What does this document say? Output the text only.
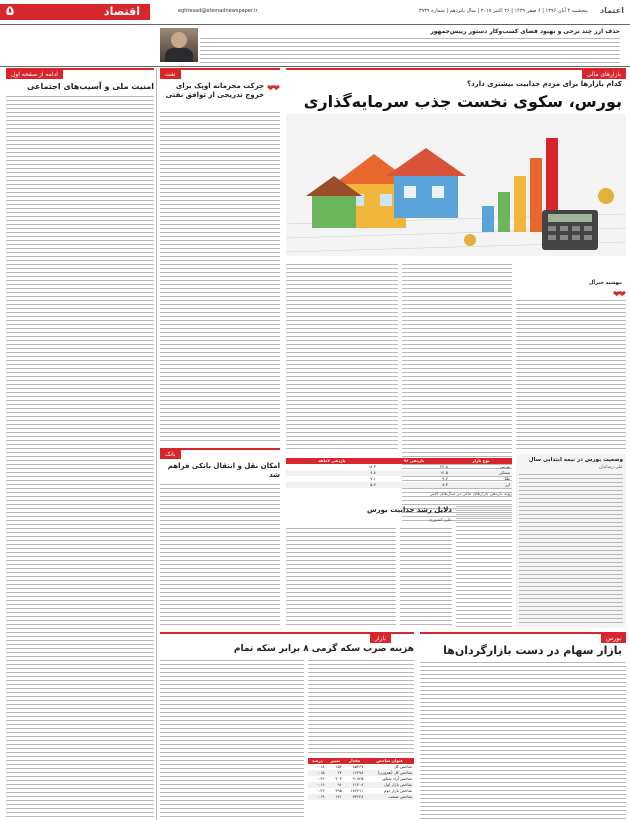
۵	اقتصاد	eghtesad@etemadnewspaper.ir	پنجشنبه ۴ آبان ۱۳۹۶ | ۶ صفر ۱۴۳۹ | ۲۶ اکتبر ۲۰۱۷ | سال پانزدهم | شماره ۳۹۳۹ اعتماد
حذف ارز چند نرخی و بهبود فضای کسب‌وکار دستور رییس‌جمهور
ادامه از صفحه اول
امنیت ملی و آسیب‌های اجتماعی
نفت
❤❤
حرکت محرمانه اوپک برای خروج تدریجی از توافق نفتی
بانک
امکان نقل و انتقال بانکی فراهم شد
بازارهای مالی
کدام بازارها برای مردم جذابیت بیشتری دارد؟
بورس، سکوی نخست جذب سرمایه‌گذاری
❤❤
مهشید خیرآل
وضعیت بورس در نیمه ابتدایی سال
علی رضانیان
نوع بازار	بازدهی ۹۶	بازدهی ۷ماهه
بورس	۲۲.۸	۱۸.۳
مسکن	۱۲.۵	۹.۸
طلا	۹.۲	۷.۱
ارز	۸.۳	۵.۷
روند بازدهی بازارهای مالی در سال‌های اخیر
دلایل رشد جذابیت بورس
علی کشوری
بورس
بازار سهام در دست بازارگردان‌ها
بازار
هزینه ضرب سکه گرمی ۸ برابر سکه تمام
عنوان شاخص	مقدار	تغییر	درصد
شاخص کل	۸۵۳۶۷	۱۵۴	۰.۱۸
شاخص کل (هم‌وزن)	۱۶۲۹۸	۲۴	۰.۱۵
شاخص آزاد شناور	۹۰۸۲۵	۲۰۳	۰.۲۲
شاخص بازار اول	۶۱۲۰۸	۹۶	۰.۱۶
شاخص بازار دوم	۱۸۲۴۱۱	۳۹۵	۰.۲۲
شاخص صنعت	۷۳۶۲۸	۱۴۱	۰.۱۹
